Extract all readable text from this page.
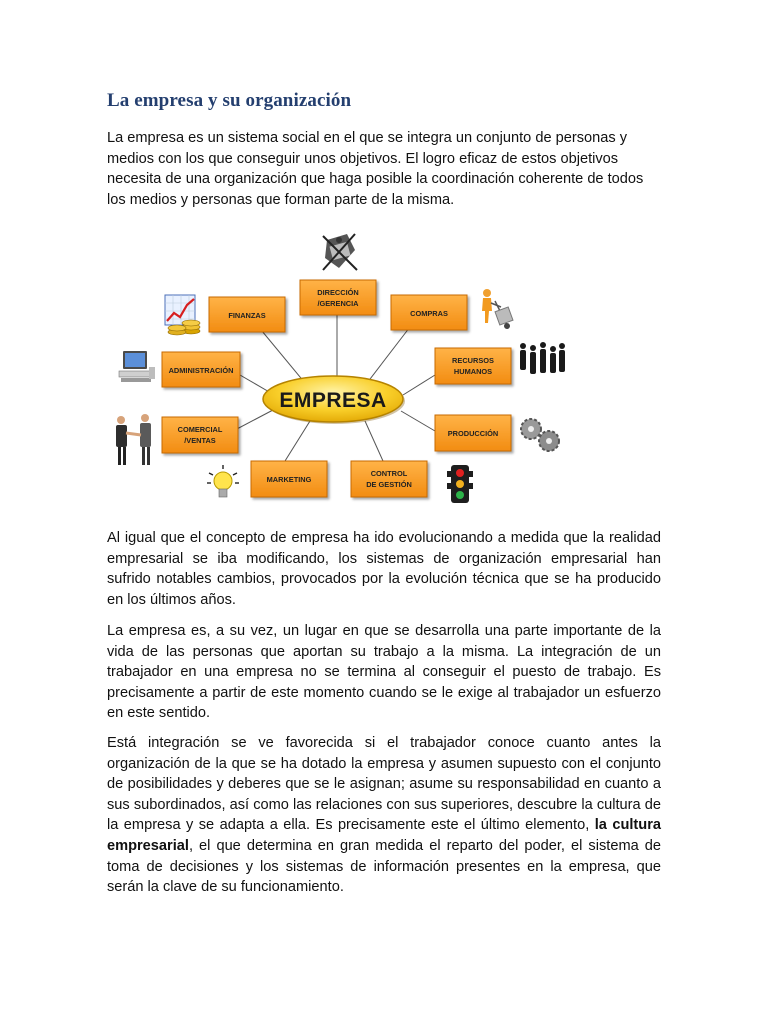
La empresa y su organización

La empresa es un sistema social en el que se integra un conjunto de personas y medios con los que conseguir unos objetivos. El logro eficaz de estos objetivos necesita de una organización que haga posible la coordinación coherente de todos los medios y personas que forman parte de la misma.

DIRECCIÓN
/GERENCIA
FINANZAS	COMPRAS
ADMINISTRACIÓN
RECURSOS
HUMANOS
COMERCIAL
/VENTAS
PRODUCCIÓN
MARKETING
CONTROL
DE GESTIÓN
EMPRESA

Al igual que el concepto de empresa ha ido evolucionando a medida que la realidad empresarial se iba modificando, los sistemas de organización empresarial han sufrido notables cambios, provocados por la evolución técnica que se ha producido en los últimos años.

La empresa es, a su vez, un lugar en que se desarrolla una parte importante de la vida de las personas que aportan su trabajo a la misma. La integración de un trabajador en una empresa no se termina al conseguir el puesto de trabajo. Es precisamente a partir de este momento cuando se le exige al trabajador un esfuerzo en este sentido.

Está integración se ve favorecida si el trabajador conoce cuanto antes la organización de la que se ha dotado la empresa y asumen supuesto con el conjunto de posibilidades y deberes que se le asignan; asume su responsabilidad en cuanto a sus subordinados, así como las relaciones con sus superiores, descubre la cultura de la empresa y se adapta a ella. Es precisamente este el último elemento, la cultura empresarial, el que determina en gran medida el reparto del poder, el sistema de toma de decisiones y los sistemas de información presentes en la empresa, que serán la clave de su funcionamiento.
